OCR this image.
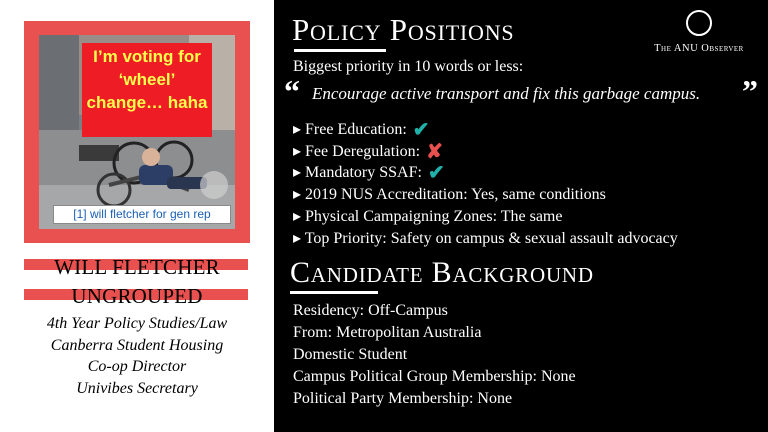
I’m voting for
‘wheel’
change… haha
[1] will fletcher for gen rep
WILL FLETCHER
UNGROUPED
4th Year Policy Studies/Law
Canberra Student Housing
Co-op Director
Univibes Secretary
Policy Positions
The ANU Observer
Biggest priority in 10 words or less:
“ Encourage active transport and fix this garbage campus. ”
▸ Free Education: ✔
▸ Fee Deregulation: ✘
▸ Mandatory SSAF: ✔
▸ 2019 NUS Accreditation: Yes, same conditions
▸ Physical Campaigning Zones: The same
▸ Top Priority: Safety on campus & sexual assault advocacy
Candidate Background
Residency: Off-Campus
From: Metropolitan Australia
Domestic Student
Campus Political Group Membership: None
Political Party Membership: None
